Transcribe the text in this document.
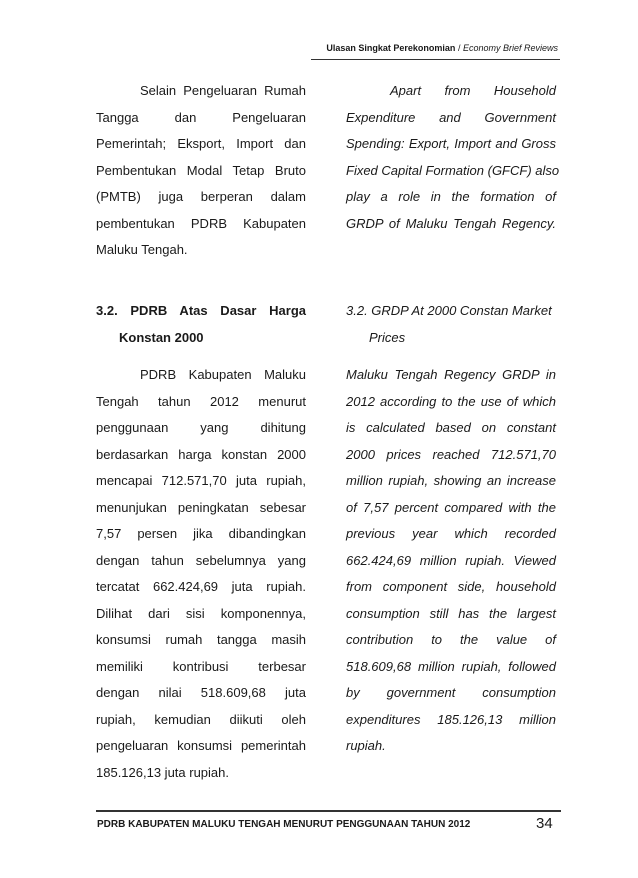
Ulasan Singkat Perekonomian / Economy Brief Reviews
Selain Pengeluaran Rumah
Tangga dan Pengeluaran
Pemerintah; Eksport, Import dan
Pembentukan Modal Tetap Bruto
(PMTB) juga berperan dalam
pembentukan PDRB Kabupaten
Maluku Tengah.
Apart from Household
Expenditure and Government
Spending: Export, Import and Gross
Fixed Capital Formation (GFCF) also
play a role in the formation of
GRDP of Maluku Tengah Regency.
3.2. PDRB Atas Dasar Harga
Konstan 2000
3.2. GRDP At 2000 Constan Market
Prices
PDRB Kabupaten Maluku
Tengah tahun 2012 menurut
penggunaan yang dihitung
berdasarkan harga konstan 2000
mencapai 712.571,70 juta rupiah,
menunjukan peningkatan sebesar
7,57 persen jika dibandingkan
dengan tahun sebelumnya yang
tercatat 662.424,69 juta rupiah.
Dilihat dari sisi komponennya,
konsumsi rumah tangga masih
memiliki kontribusi terbesar
dengan nilai 518.609,68 juta
rupiah, kemudian diikuti oleh
pengeluaran konsumsi pemerintah
185.126,13 juta rupiah.
Maluku Tengah Regency GRDP in
2012 according to the use of which
is calculated based on constant
2000 prices reached 712.571,70
million rupiah, showing an increase
of 7,57 percent compared with the
previous year which recorded
662.424,69 million rupiah. Viewed
from component side, household
consumption still has the largest
contribution to the value of
518.609,68 million rupiah, followed
by government consumption
expenditures 185.126,13 million
rupiah.
PDRB KABUPATEN MALUKU TENGAH MENURUT PENGGUNAAN TAHUN 2012	34
